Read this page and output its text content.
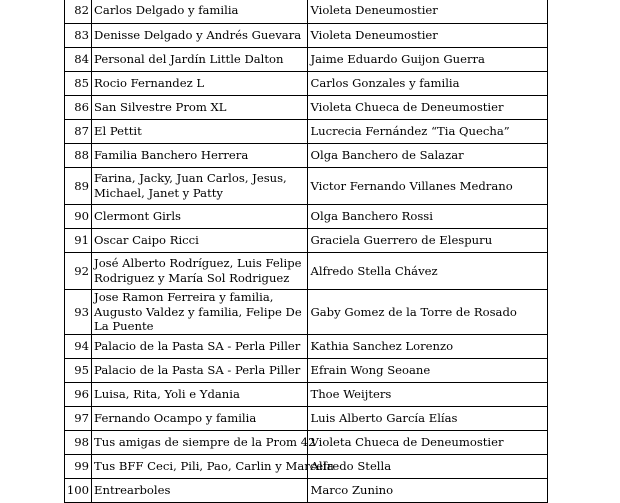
82	Carlos Delgado y familia	Violeta Deneumostier
83	Denisse Delgado y Andrés Guevara	Violeta Deneumostier
84	Personal del Jardín Little Dalton	Jaime Eduardo Guijon Guerra
85	Rocio Fernandez L	Carlos Gonzales y familia
86	San Silvestre Prom XL	Violeta Chueca de Deneumostier
87	El Pettit	Lucrecia Fernández “Tia Quecha”
88	Familia Banchero Herrera	Olga Banchero de Salazar
89	Farina, Jacky, Juan Carlos, Jesus, Michael, Janet y Patty	Victor Fernando Villanes Medrano
90	Clermont Girls	Olga Banchero Rossi
91	Oscar Caipo Ricci	Graciela Guerrero de Elespuru
92	José Alberto Rodríguez, Luis Felipe Rodriguez y María Sol Rodriguez	Alfredo Stella Chávez
93	Jose Ramon Ferreira y familia, Augusto Valdez y familia, Felipe De La Puente	Gaby Gomez de la Torre de Rosado
94	Palacio de la Pasta SA - Perla Piller	Kathia Sanchez Lorenzo
95	Palacio de la Pasta SA - Perla Piller	Efrain Wong Seoane
96	Luisa, Rita, Yoli e Ydania	Thoe Weijters
97	Fernando Ocampo y familia	Luis Alberto García Elías
98	Tus amigas de siempre de la Prom 42	Violeta Chueca de Deneumostier
99	Tus BFF Ceci, Pili, Pao, Carlin y Marcela	Alfredo Stella
100	Entrearboles	Marco Zunino
